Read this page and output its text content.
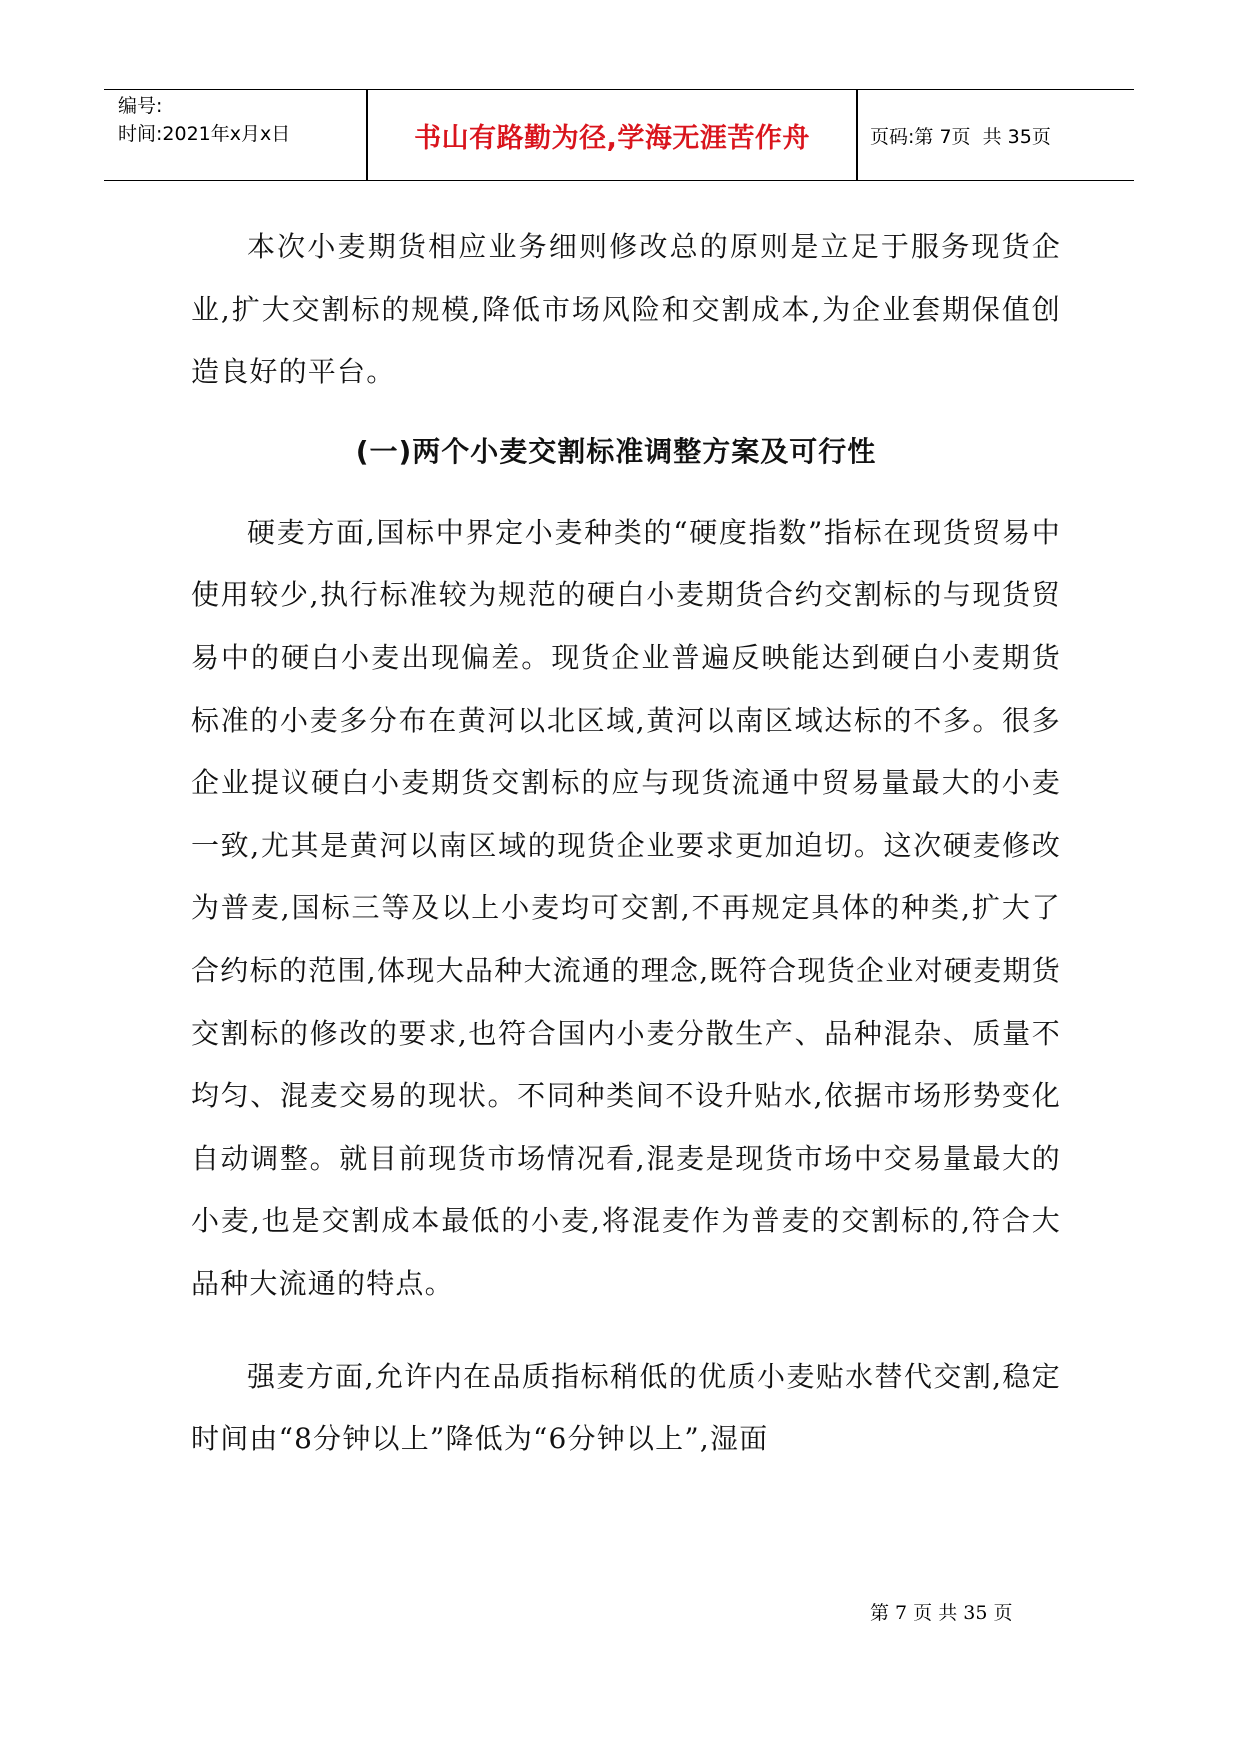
编号:
时间:2021年x月x日	书山有路勤为径,学海无涯苦作舟	页码:第 7页  共 35页

本次小麦期货相应业务细则修改总的原则是立足于服务现货企业,扩大交割标的规模,降低市场风险和交割成本,为企业套期保值创造良好的平台。

(一)两个小麦交割标准调整方案及可行性

硬麦方面,国标中界定小麦种类的“硬度指数”指标在现货贸易中使用较少,执行标准较为规范的硬白小麦期货合约交割标的与现货贸易中的硬白小麦出现偏差。现货企业普遍反映能达到硬白小麦期货标准的小麦多分布在黄河以北区域,黄河以南区域达标的不多。很多企业提议硬白小麦期货交割标的应与现货流通中贸易量最大的小麦一致,尤其是黄河以南区域的现货企业要求更加迫切。这次硬麦修改为普麦,国标三等及以上小麦均可交割,不再规定具体的种类,扩大了合约标的范围,体现大品种大流通的理念,既符合现货企业对硬麦期货交割标的修改的要求,也符合国内小麦分散生产、品种混杂、质量不均匀、混麦交易的现状。不同种类间不设升贴水,依据市场形势变化自动调整。就目前现货市场情况看,混麦是现货市场中交易量最大的小麦,也是交割成本最低的小麦,将混麦作为普麦的交割标的,符合大品种大流通的特点。

强麦方面,允许内在品质指标稍低的优质小麦贴水替代交割,稳定时间由“8分钟以上”降低为“6分钟以上”,湿面

第 7 页 共 35 页
